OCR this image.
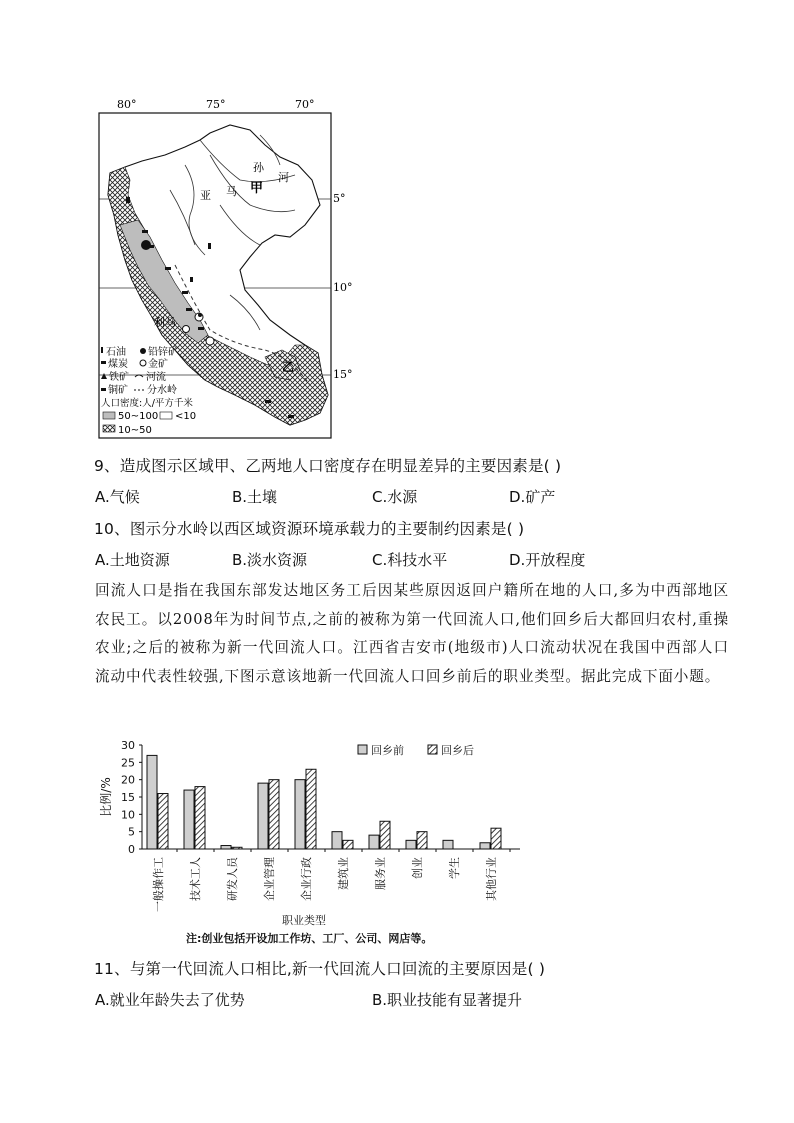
80°	75°	70°
5°
10°
15°
孙
河
亚 马 甲
乙
利马
石油 铅锌矿
煤炭 金矿
铁矿 河流
铜矿 分水岭
人口密度:人/平方千米
50~100 <10
10~50
9、造成图示区域甲、乙两地人口密度存在明显差异的主要因素是( )
A.气候	B.土壤	C.水源	D.矿产
10、图示分水岭以西区域资源环境承载力的主要制约因素是( )
A.土地资源	B.淡水资源	C.科技水平	D.开放程度
回流人口是指在我国东部发达地区务工后因某些原因返回户籍所在地的人口,多为中西部地区农民工。以2008年为时间节点,之前的被称为第一代回流人口,他们回乡后大都回归农村,重操农业;之后的被称为新一代回流人口。江西省吉安市(地级市)人口流动状况在我国中西部人口流动中代表性较强,下图示意该地新一代回流人口回乡前后的职业类型。据此完成下面小题。
0
5
10
15
20
25
30
比例/%
一般操作工 技术工人 研发人员 企业管理 企业行政 建筑业 服务业 创业 学生 其他行业
回乡前	回乡后
职业类型
注:创业包括开设加工作坊、工厂、公司、网店等。
11、与第一代回流人口相比,新一代回流人口回流的主要原因是( )
A.就业年龄失去了优势	B.职业技能有显著提升
